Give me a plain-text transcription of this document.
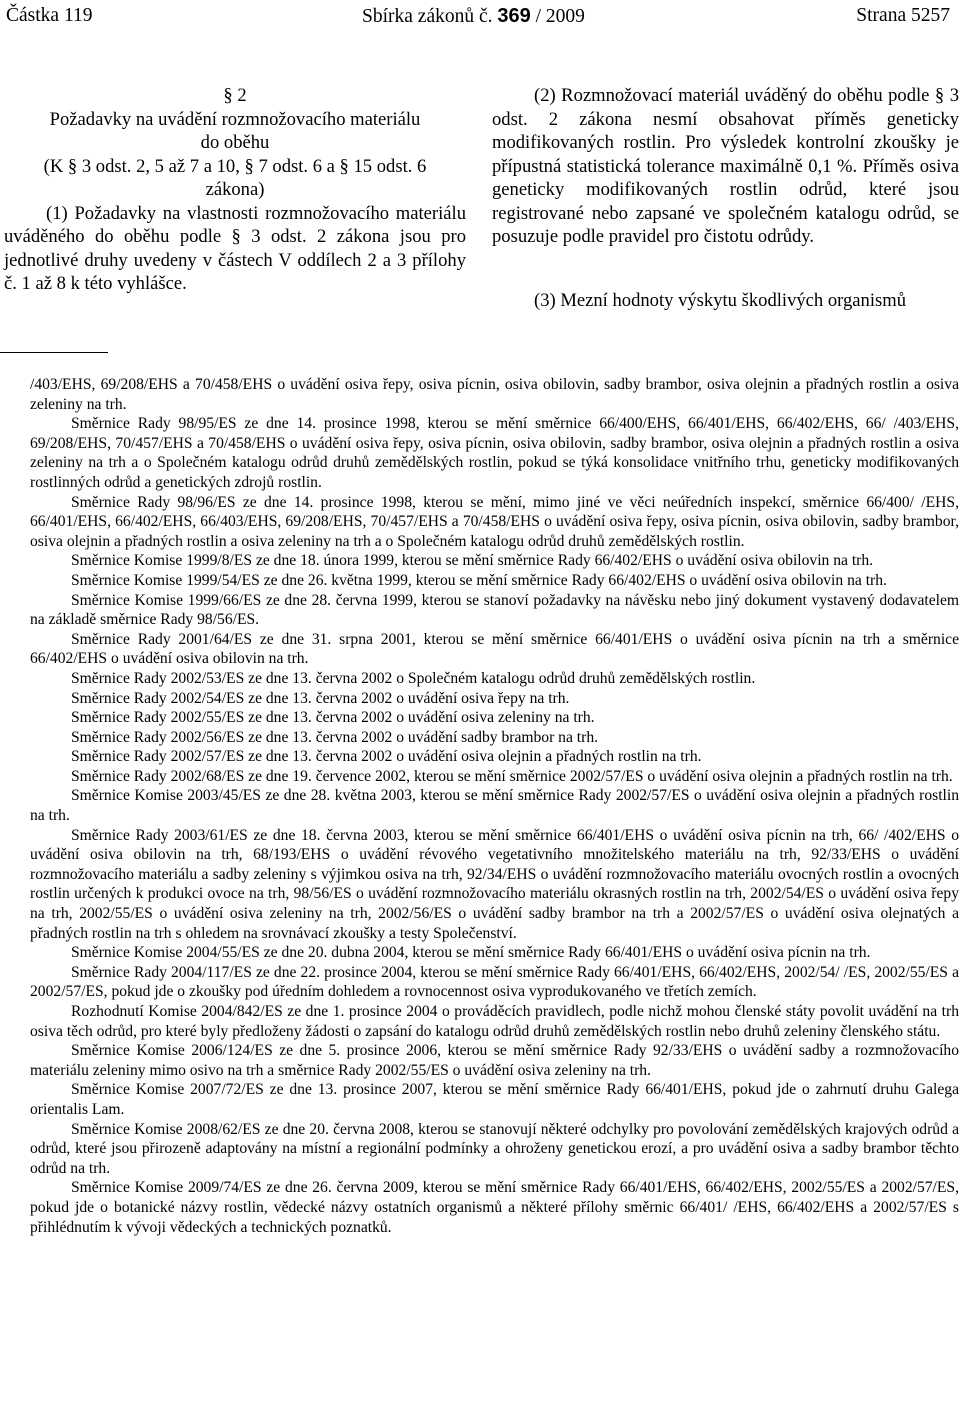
Částka 119	Sbírka zákonů č. 369 / 2009	Strana 5257
§ 2
Požadavky na uvádění rozmnožovacího materiálu
do oběhu
(K § 3 odst. 2, 5 až 7 a 10, § 7 odst. 6 a § 15 odst. 6
zákona)
(1) Požadavky na vlastnosti rozmnožovacího materiálu uváděného do oběhu podle § 3 odst. 2 zákona jsou pro jednotlivé druhy uvedeny v částech V oddílech 2 a 3 přílohy č. 1 až 8 k této vyhlášce.
(2) Rozmnožovací materiál uváděný do oběhu podle § 3 odst. 2 zákona nesmí obsahovat příměs geneticky modifikovaných rostlin. Pro výsledek kontrolní zkoušky je přípustná statistická tolerance maximálně 0,1 %. Příměs osiva geneticky modifikovaných rostlin odrůd, které jsou registrované nebo zapsané ve společném katalogu odrůd, se posuzuje podle pravidel pro čistotu odrůdy.
(3) Mezní hodnoty výskytu škodlivých organismů
/403/EHS, 69/208/EHS a 70/458/EHS o uvádění osiva řepy, osiva pícnin, osiva obilovin, sadby brambor, osiva olejnin a přadných rostlin a osiva zeleniny na trh.
Směrnice Rady 98/95/ES ze dne 14. prosince 1998, kterou se mění směrnice 66/400/EHS, 66/401/EHS, 66/402/EHS, 66/ /403/EHS, 69/208/EHS, 70/457/EHS a 70/458/EHS o uvádění osiva řepy, osiva pícnin, osiva obilovin, sadby brambor, osiva olejnin a přadných rostlin a osiva zeleniny na trh a o Společném katalogu odrůd druhů zemědělských rostlin, pokud se týká konsolidace vnitřního trhu, geneticky modifikovaných rostlinných odrůd a genetických zdrojů rostlin.
Směrnice Rady 98/96/ES ze dne 14. prosince 1998, kterou se mění, mimo jiné ve věci neúředních inspekcí, směrnice 66/400/ /EHS, 66/401/EHS, 66/402/EHS, 66/403/EHS, 69/208/EHS, 70/457/EHS a 70/458/EHS o uvádění osiva řepy, osiva pícnin, osiva obilovin, sadby brambor, osiva olejnin a přadných rostlin a osiva zeleniny na trh a o Společném katalogu odrůd druhů zemědělských rostlin.
Směrnice Komise 1999/8/ES ze dne 18. února 1999, kterou se mění směrnice Rady 66/402/EHS o uvádění osiva obilovin na trh.
Směrnice Komise 1999/54/ES ze dne 26. května 1999, kterou se mění směrnice Rady 66/402/EHS o uvádění osiva obilovin na trh.
Směrnice Komise 1999/66/ES ze dne 28. června 1999, kterou se stanoví požadavky na návěsku nebo jiný dokument vystavený dodavatelem na základě směrnice Rady 98/56/ES.
Směrnice Rady 2001/64/ES ze dne 31. srpna 2001, kterou se mění směrnice 66/401/EHS o uvádění osiva pícnin na trh a směrnice 66/402/EHS o uvádění osiva obilovin na trh.
Směrnice Rady 2002/53/ES ze dne 13. června 2002 o Společném katalogu odrůd druhů zemědělských rostlin.
Směrnice Rady 2002/54/ES ze dne 13. června 2002 o uvádění osiva řepy na trh.
Směrnice Rady 2002/55/ES ze dne 13. června 2002 o uvádění osiva zeleniny na trh.
Směrnice Rady 2002/56/ES ze dne 13. června 2002 o uvádění sadby brambor na trh.
Směrnice Rady 2002/57/ES ze dne 13. června 2002 o uvádění osiva olejnin a přadných rostlin na trh.
Směrnice Rady 2002/68/ES ze dne 19. července 2002, kterou se mění směrnice 2002/57/ES o uvádění osiva olejnin a přadných rostlin na trh.
Směrnice Komise 2003/45/ES ze dne 28. května 2003, kterou se mění směrnice Rady 2002/57/ES o uvádění osiva olejnin a přadných rostlin na trh.
Směrnice Rady 2003/61/ES ze dne 18. června 2003, kterou se mění směrnice 66/401/EHS o uvádění osiva pícnin na trh, 66/ /402/EHS o uvádění osiva obilovin na trh, 68/193/EHS o uvádění révového vegetativního množitelského materiálu na trh, 92/33/EHS o uvádění rozmnožovacího materiálu a sadby zeleniny s výjimkou osiva na trh, 92/34/EHS o uvádění rozmnožovacího materiálu ovocných rostlin a ovocných rostlin určených k produkci ovoce na trh, 98/56/ES o uvádění rozmnožovacího materiálu okrasných rostlin na trh, 2002/54/ES o uvádění osiva řepy na trh, 2002/55/ES o uvádění osiva zeleniny na trh, 2002/56/ES o uvádění sadby brambor na trh a 2002/57/ES o uvádění osiva olejnatých a přadných rostlin na trh s ohledem na srovnávací zkoušky a testy Společenství.
Směrnice Komise 2004/55/ES ze dne 20. dubna 2004, kterou se mění směrnice Rady 66/401/EHS o uvádění osiva pícnin na trh.
Směrnice Rady 2004/117/ES ze dne 22. prosince 2004, kterou se mění směrnice Rady 66/401/EHS, 66/402/EHS, 2002/54/ /ES, 2002/55/ES a 2002/57/ES, pokud jde o zkoušky pod úředním dohledem a rovnocennost osiva vyprodukovaného ve třetích zemích.
Rozhodnutí Komise 2004/842/ES ze dne 1. prosince 2004 o prováděcích pravidlech, podle nichž mohou členské státy povolit uvádění na trh osiva těch odrůd, pro které byly předloženy žádosti o zapsání do katalogu odrůd druhů zemědělských rostlin nebo druhů zeleniny členského státu.
Směrnice Komise 2006/124/ES ze dne 5. prosince 2006, kterou se mění směrnice Rady 92/33/EHS o uvádění sadby a rozmnožovacího materiálu zeleniny mimo osivo na trh a směrnice Rady 2002/55/ES o uvádění osiva zeleniny na trh.
Směrnice Komise 2007/72/ES ze dne 13. prosince 2007, kterou se mění směrnice Rady 66/401/EHS, pokud jde o zahrnutí druhu Galega orientalis Lam.
Směrnice Komise 2008/62/ES ze dne 20. června 2008, kterou se stanovují některé odchylky pro povolování zemědělských krajových odrůd a odrůd, které jsou přirozeně adaptovány na místní a regionální podmínky a ohroženy genetickou erozí, a pro uvádění osiva a sadby brambor těchto odrůd na trh.
Směrnice Komise 2009/74/ES ze dne 26. června 2009, kterou se mění směrnice Rady 66/401/EHS, 66/402/EHS, 2002/55/ES a 2002/57/ES, pokud jde o botanické názvy rostlin, vědecké názvy ostatních organismů a některé přílohy směrnic 66/401/ /EHS, 66/402/EHS a 2002/57/ES s přihlédnutím k vývoji vědeckých a technických poznatků.
